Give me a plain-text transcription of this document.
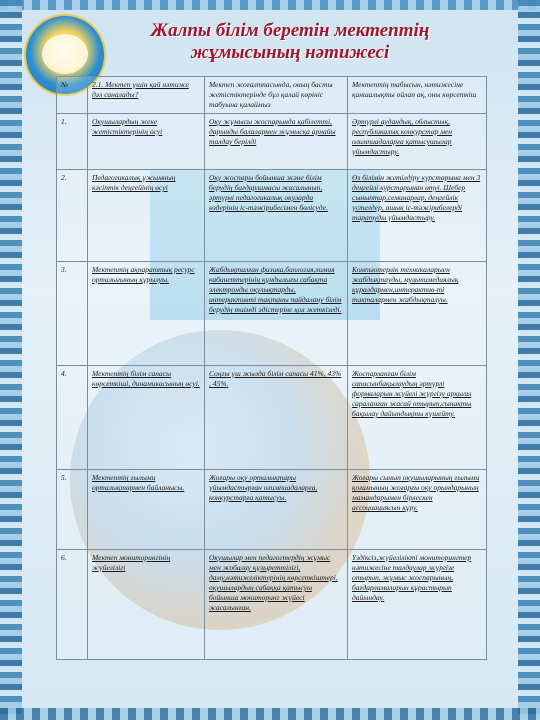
Жалпы білім беретін мектептің жұмысының нәтижесі
№	2.1. Мектеп үшін қай нәтиже дәл саналады?	Мектеп жоғалтпасында, оның басты жетістіктерінде бұл қалай көрініс табуына қалаймыз	Мектептің табысын, нәтижесіне қаншалықты ойлап ақ, оны көрсеткіш
1.	Оқушылардың жеке жетістіктерінің өсуі	Оқу жұмысы жоспарында қабілетті, дарынды балалармен жұмысқа арнайы талдау берілді	Әртүрлі аудандық, облыстық, республикалық конкурстар мен олимпиадаларға қатысушылар үйымдастыру.
2.	Педагогикалық ұжымның кәсіптік деңгейінің өсуі	Оқу жоспары бойынша және білім берудің бағдарламасы жасалынып, әртүрлі педагогикалық оқуларда өздерінің іс-тәжірибесімен бөлісуде.	Өз білімін жетілдіру курстарына мен 3 деңгейлі курстарынан өтуі. Шебер сыныптар,семинарлар, деңгейлік үстелдер, ашық іс-тәжірибелерді таратуды үйымдастыру.
3.	Мектептің ақпараттық ресурс орталығының құрылуы.	Жабдықталған физика,биология,химия кабинеттерінің құндылығы сабақта электронды оқулықтарды, интерактивті тақтаны пайдалану білім берудің тиімді әдістеріне қол жеткізеді.	Компьютерлік техникаларыен жабдықтауды, мультимедиялық құралдармен,интерактив-ті тақталармен жабдықталуы.
4.	Мектептің білім сапасы көрсеткіші, динамикасының өсуі.	Соңғы үш жылда білім сапасы 41%, 43% , 45%.	Жоспарланған білім сапасынбақылаудың әртүрлі формаларын жүйелі жүргізу арқылы сараланған жасай отырып,сынақты бақылау дайындықты күшейту.
5.	Мектептің ғылыми орталықтармен байланысы.	Жоғары оқу орталықтары үйымдастырған олимпиадаларға, конкурстарға қатысуы.	Жоғары сынып оқушыларының ғылыми қоғамының жоғарғы оқу орындарының мамандарымен бірлескен ассоциациясын құру.
6.	Мектеп мониторингінің жүйелілігі	Оқушылар мен педагогтердің жұмыс мен жобалау құзыреттілігі, даму,нәтижеліктерінің көрсеткіштері, оқушылардың сабаққа қатысуы бойынша мониторинг жүйесі жасалынған.	Үздіксіз,жүйелілікті мониторингтер нәтижесіне талдаулар жүргізе отырып, жұмыс жоспарының, бағдарламаларын құрастырып дайындау.
